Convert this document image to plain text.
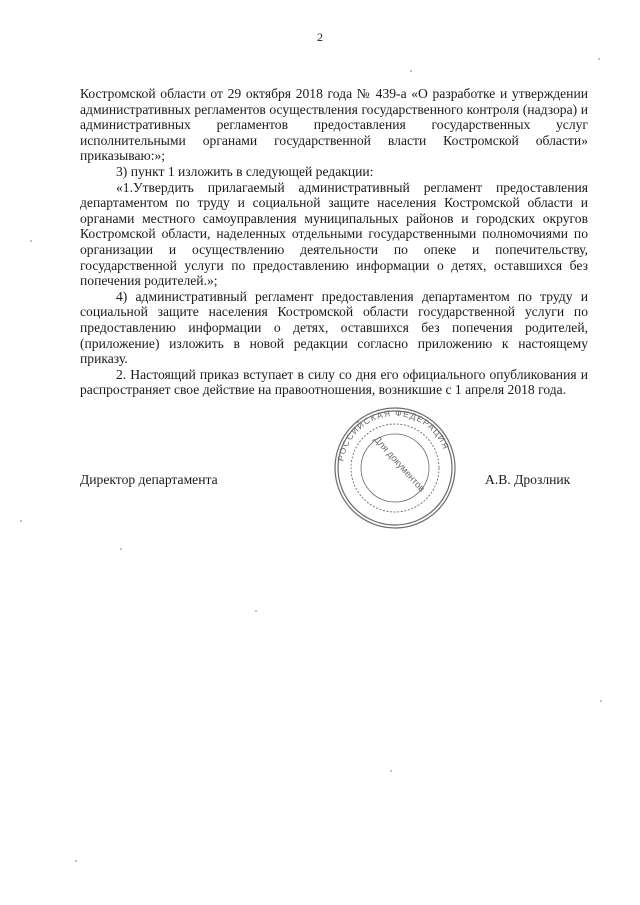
2

Костромской области от 29 октября 2018 года № 439-а «О разработке и утверждении административных регламентов осуществления государственного контроля (надзора) и административных регламентов предоставления государственных услуг исполнительными органами государственной власти Костромской области» приказываю:»;

3) пункт 1 изложить в следующей редакции:

«1.Утвердить прилагаемый административный регламент предоставления департаментом по труду и социальной защите населения Костромской области и органами местного самоуправления муниципальных районов и городских округов Костромской области, наделенных отдельными государственными полномочиями по организации и осуществлению деятельности по опеке и попечительству, государственной услуги по предоставлению информации о детях, оставшихся без попечения родителей.»;

4) административный регламент предоставления департаментом по труду и социальной защите населения Костромской области государственной услуги по предоставлению информации о детях, оставшихся без попечения родителей, (приложение) изложить в новой редакции согласно приложению к настоящему приказу.

2. Настоящий приказ вступает в силу со дня его официального опубликования и распространяет свое действие на правоотношения, возникшие с 1 апреля 2018 года.

Директор департамента
РОССИЙСКАЯ ФЕДЕРАЦИЯ
Для документов	А.В. Дрозлник
